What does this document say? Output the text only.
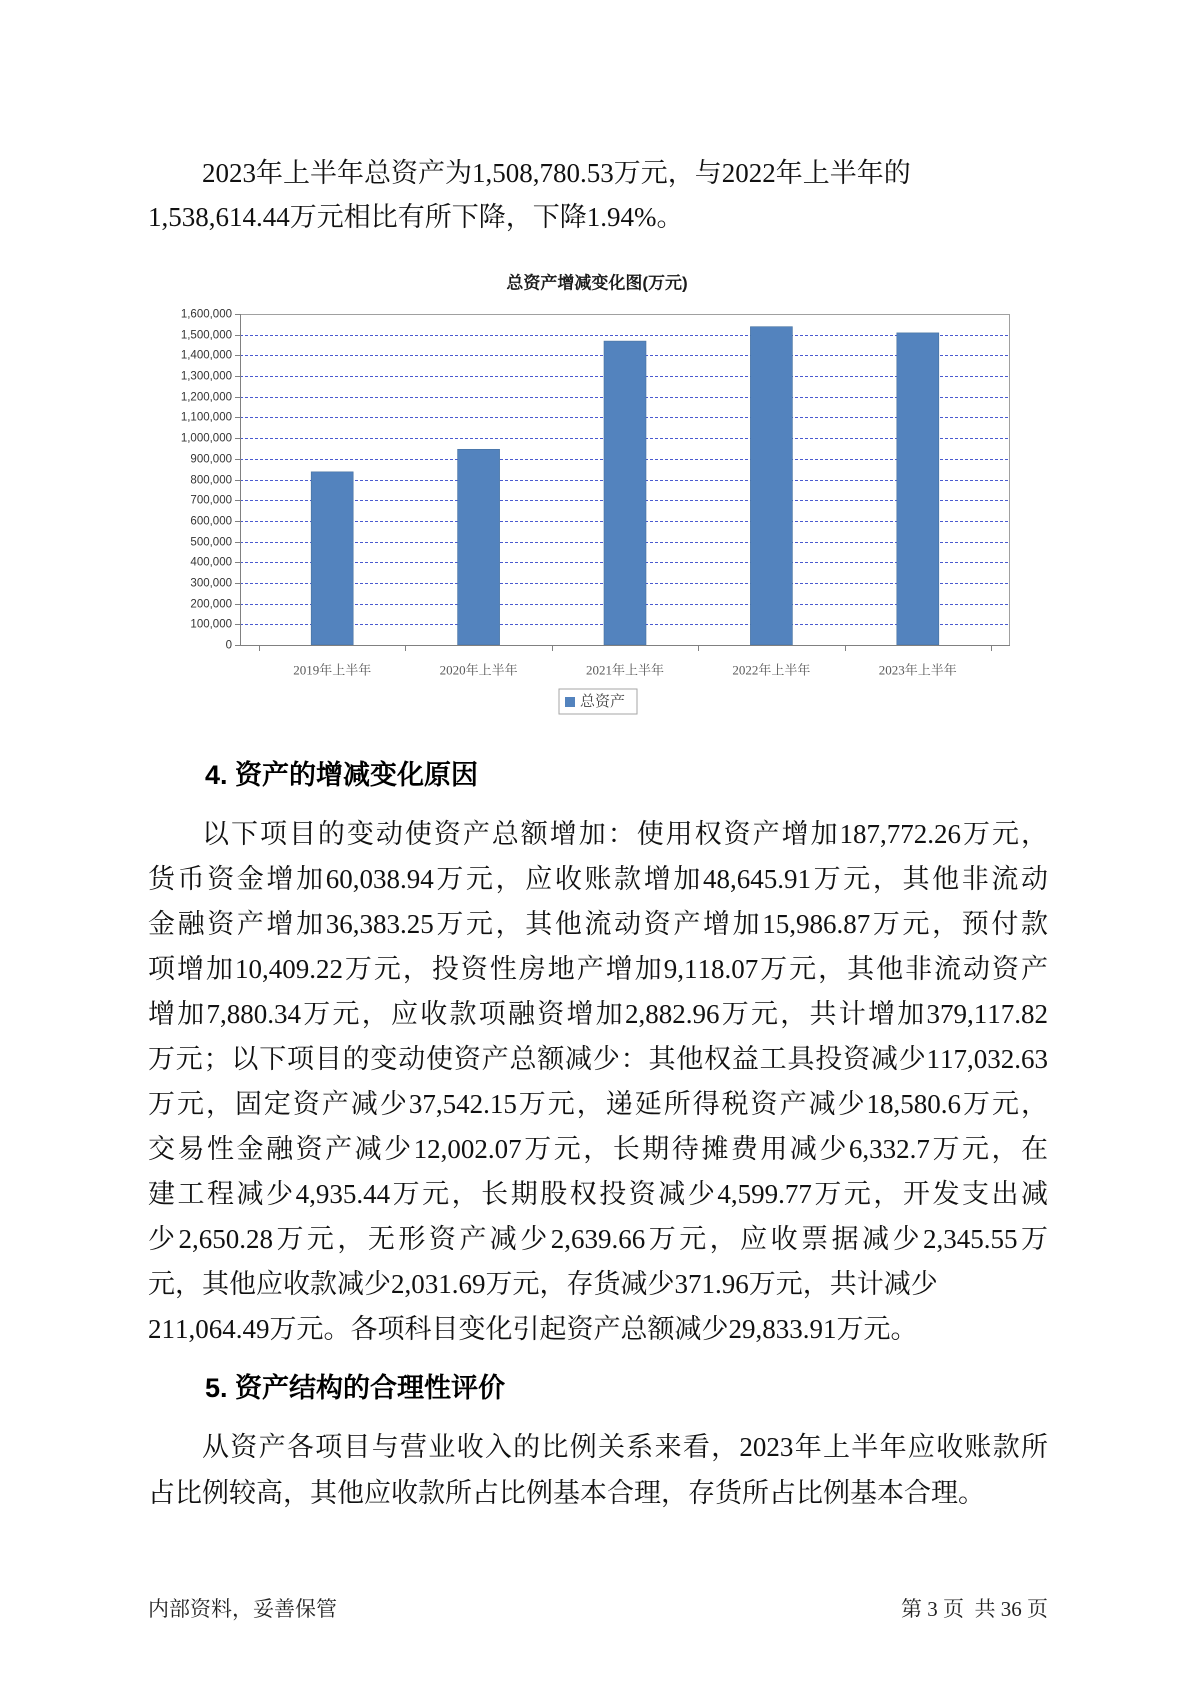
2023年上半年总资产为1,508,780.53万元，与2022年上半年的
1,538,614.44万元相比有所下降，下降1.94%。
总资产增减变化图(万元)
0
100,000
200,000
300,000
400,000
500,000
600,000
700,000
800,000
900,000
1,000,000
1,100,000
1,200,000
1,300,000
1,400,000
1,500,000
1,600,000
2019年上半年	2020年上半年	2021年上半年	2022年上半年	2023年上半年
总资产
4. 资产的增减变化原因
以下项目的变动使资产总额增加：使用权资产增加187,772.26万元，
货币资金增加60,038.94万元，应收账款增加48,645.91万元，其他非流动
金融资产增加36,383.25万元，其他流动资产增加15,986.87万元，预付款
项增加10,409.22万元，投资性房地产增加9,118.07万元，其他非流动资产
增加7,880.34万元，应收款项融资增加2,882.96万元，共计增加379,117.82
万元；以下项目的变动使资产总额减少：其他权益工具投资减少117,032.63
万元，固定资产减少37,542.15万元，递延所得税资产减少18,580.6万元，
交易性金融资产减少12,002.07万元，长期待摊费用减少6,332.7万元，在
建工程减少4,935.44万元，长期股权投资减少4,599.77万元，开发支出减
少2,650.28万元，无形资产减少2,639.66万元，应收票据减少2,345.55万
元，其他应收款减少2,031.69万元，存货减少371.96万元，共计减少
211,064.49万元。各项科目变化引起资产总额减少29,833.91万元。
5. 资产结构的合理性评价
从资产各项目与营业收入的比例关系来看，2023年上半年应收账款所
占比例较高，其他应收款所占比例基本合理，存货所占比例基本合理。
内部资料，妥善保管	第 3 页  共 36 页
